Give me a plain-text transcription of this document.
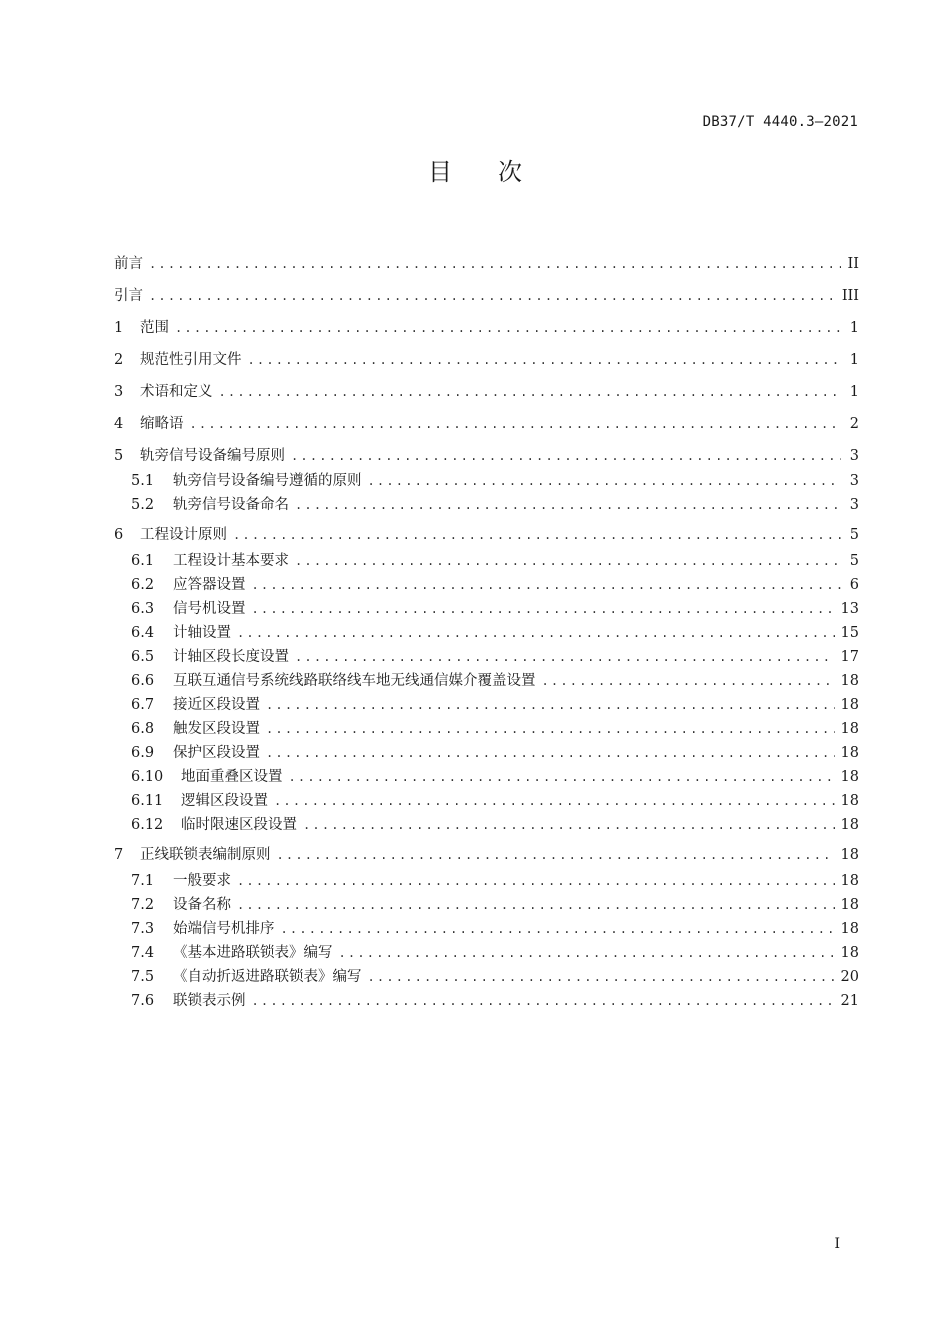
DB37/T 4440.3—2021
目 次
前言 .....	II
引言 .....	III
1	范围 .....	1
2	规范性引用文件 .....	1
3	术语和定义 .....	1
4	缩略语 .....	2
5	轨旁信号设备编号原则 .....	3
5.1	轨旁信号设备编号遵循的原则 .....	3
5.2	轨旁信号设备命名 .....	3
6	工程设计原则 .....	5
6.1	工程设计基本要求 .....	5
6.2	应答器设置 .....	6
6.3	信号机设置 .....	13
6.4	计轴设置 .....	15
6.5	计轴区段长度设置 .....	17
6.6	互联互通信号系统线路联络线车地无线通信媒介覆盖设置 .....	18
6.7	接近区段设置 .....	18
6.8	触发区段设置 .....	18
6.9	保护区段设置 .....	18
6.10	地面重叠区设置 .....	18
6.11	逻辑区段设置 .....	18
6.12	临时限速区段设置 .....	18
7	正线联锁表编制原则 .....	18
7.1	一般要求 .....	18
7.2	设备名称 .....	18
7.3	始端信号机排序 .....	18
7.4	《基本进路联锁表》编写 .....	18
7.5	《自动折返进路联锁表》编写 .....	20
7.6	联锁表示例 .....	21
I
